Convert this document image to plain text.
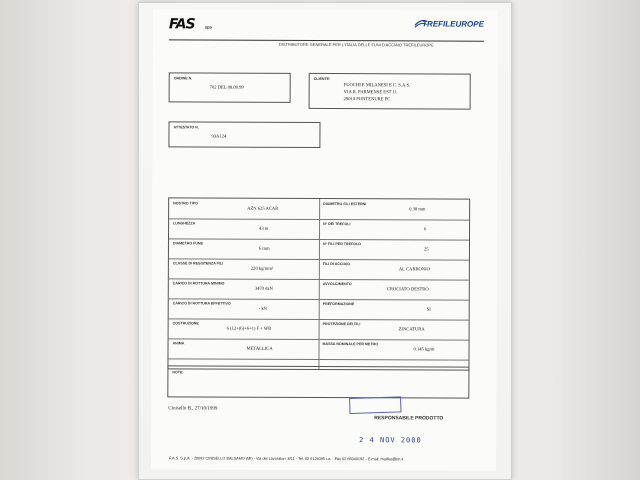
FAS	spa	TREFILEUROPE
DISTRIBUTORE GENERALE PER L'ITALIA DELLE FUNI D'ACCIAIO TREFILEUROPE
ORDINE N.
702 DEL 08.09.99
CLIENTE:
FUOCHI E MILANESI E C. S.A.S.
VIA R. PARMENSE EST 11
29010 PONTENURE PC
ATTESTATO N.
93A124
NOSTRO TIPO
AZN 625 ACAR
DIAMETRO FILI ESTERNI
0.38 mm
LUNGHEZZA
43 m
N° DEI TREFOLI
6
DIAMETRO FUNE
6 mm
N° FILI PER TREFOLO
25
CLASSE DI RESISTENZA FILI
220 kg/mm²
FILI DI ACCIAIO
AL CARBONIO
CARICO DI ROTTURA MINIMO
3470 daN
AVVOLGIMENTO
CROCIATO DESTRO
CARICO DI ROTTURA EFFETTIVO
- kN
PREFORMAZIONE
SI
COSTRUZIONE
6 (12+(6)+6+1) F + WR
PROTEZIONE DEI FILI
ZINCATURA
ANIMA
METALLICA
MASSA NOMINALE PER METRO
0.145 kg/m
NOTE:
Cinisello B., 27/10/1999
2 4 NOV 2000
RESPONSABILE PRODOTTO
F.A.S. S.p.A. - 20092 CINISELLO BALSAMO (MI) - Via del Lavoratori, 8/11 - Tel. 02 6124095 r.a. - Fax 02 66040192 - E-mail: mailfas@tin.it
